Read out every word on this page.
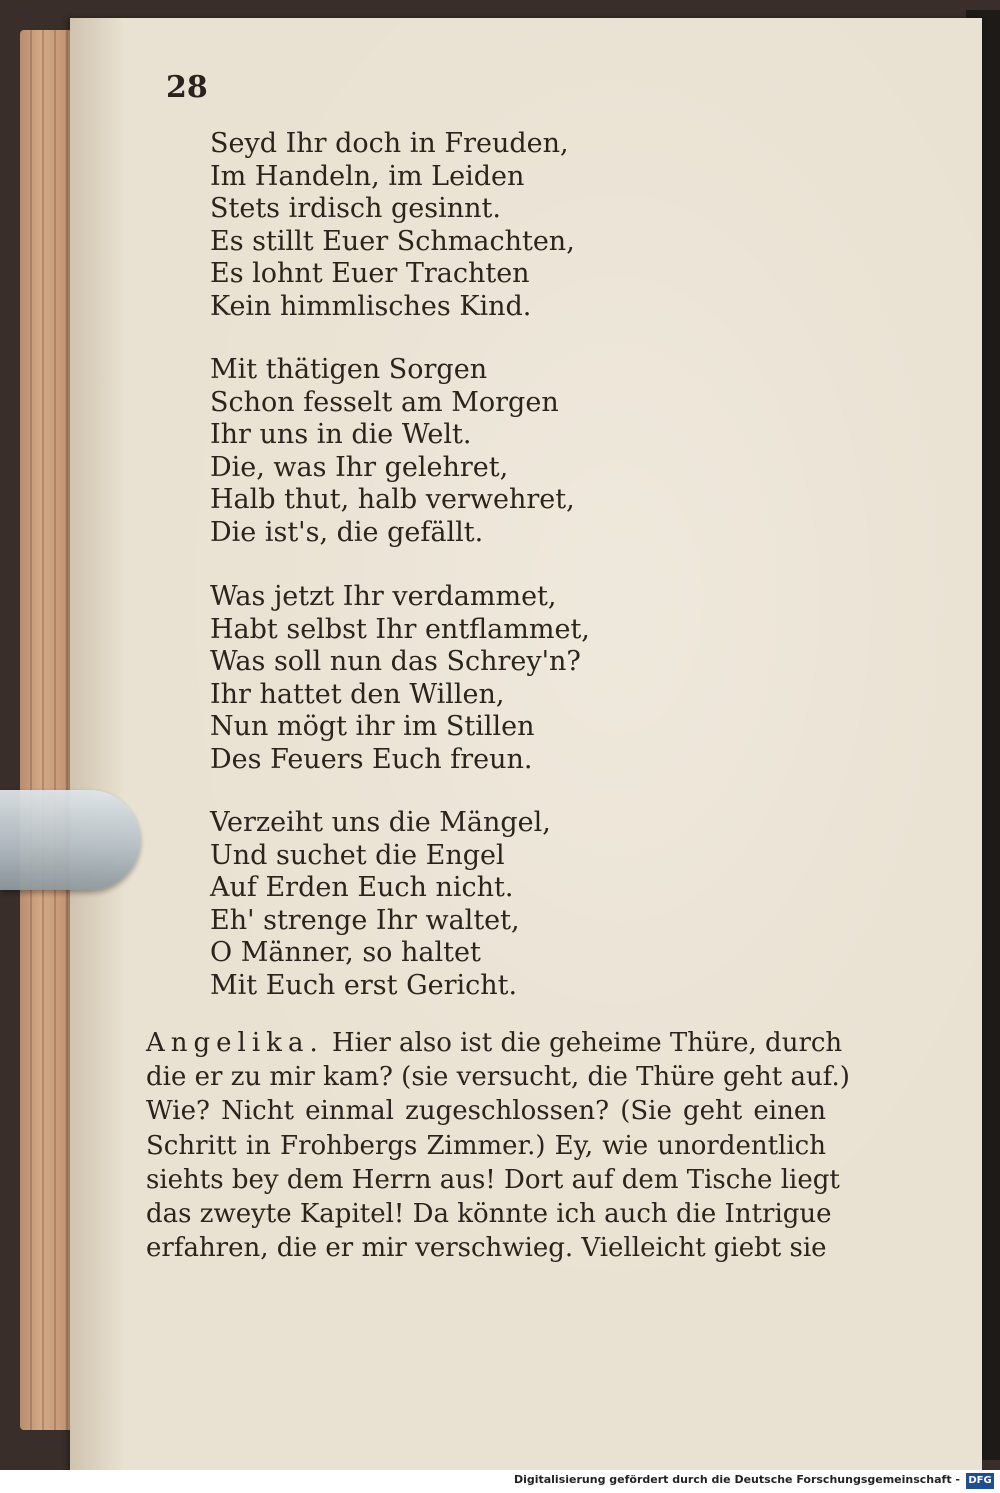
28
Seyd Ihr doch in Freuden,
Im Handeln, im Leiden
Stets irdisch gesinnt.
Es stillt Euer Schmachten,
Es lohnt Euer Trachten
Kein himmlisches Kind.
Mit thätigen Sorgen
Schon fesselt am Morgen
Ihr uns in die Welt.
Die, was Ihr gelehret,
Halb thut, halb verwehret,
Die ist's, die gefällt.
Was jetzt Ihr verdammet,
Habt selbst Ihr entflammet,
Was soll nun das Schrey'n?
Ihr hattet den Willen,
Nun mögt ihr im Stillen
Des Feuers Euch freun.
Verzeiht uns die Mängel,
Und suchet die Engel
Auf Erden Euch nicht.
Eh' strenge Ihr waltet,
O Männer, so haltet
Mit Euch erst Gericht.
Angelika. Hier also ist die geheime Thüre, durch
die er zu mir kam? (sie versucht, die Thüre geht auf.)
Wie? Nicht einmal zugeschlossen? (Sie geht einen
Schritt in Frohbergs Zimmer.) Ey, wie unordentlich
siehts bey dem Herrn aus! Dort auf dem Tische liegt
das zweyte Kapitel! Da könnte ich auch die Intrigue
erfahren, die er mir verschwieg. Vielleicht giebt sie
Digitalisierung gefördert durch die Deutsche Forschungsgemeinschaft - DFG
